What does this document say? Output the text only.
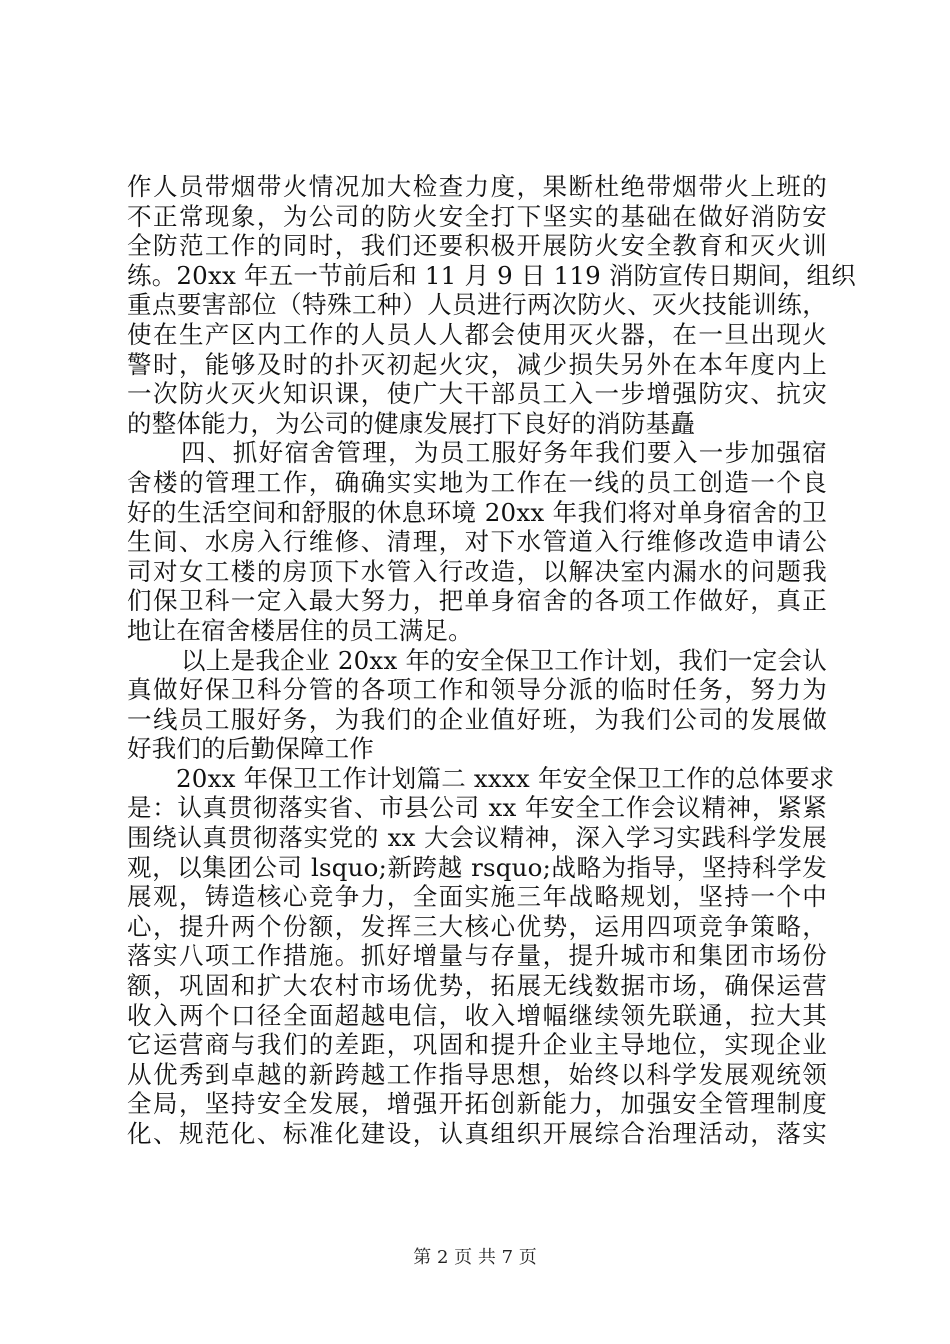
作人员带烟带火情况加大检查力度，果断杜绝带烟带火上班的
不正常现象，为公司的防火安全打下坚实的基础在做好消防安
全防范工作的同时，我们还要积极开展防火安全教育和灭火训
练。20xx 年五一节前后和 11 月 9 日 119 消防宣传日期间，组织
重点要害部位（特殊工种）人员进行两次防火、灭火技能训练，
使在生产区内工作的人员人人都会使用灭火器，在一旦出现火
警时，能够及时的扑灭初起火灾，减少损失另外在本年度内上
一次防火灭火知识课，使广大干部员工入一步增强防灾、抗灾
的整体能力，为公司的健康发展打下良好的消防基矗
四、抓好宿舍管理，为员工服好务年我们要入一步加强宿
舍楼的管理工作，确确实实地为工作在一线的员工创造一个良
好的生活空间和舒服的休息环境 20xx 年我们将对单身宿舍的卫
生间、水房入行维修、清理，对下水管道入行维修改造申请公
司对女工楼的房顶下水管入行改造，以解决室内漏水的问题我
们保卫科一定入最大努力，把单身宿舍的各项工作做好，真正
地让在宿舍楼居住的员工满足。
以上是我企业 20xx 年的安全保卫工作计划，我们一定会认
真做好保卫科分管的各项工作和领导分派的临时任务，努力为
一线员工服好务，为我们的企业值好班，为我们公司的发展做
好我们的后勤保障工作
20xx 年保卫工作计划篇二 xxxx 年安全保卫工作的总体要求
是：认真贯彻落实省、市县公司 xx 年安全工作会议精神，紧紧
围绕认真贯彻落实党的 xx 大会议精神，深入学习实践科学发展
观，以集团公司 lsquo;新跨越 rsquo;战略为指导，坚持科学发
展观，铸造核心竞争力，全面实施三年战略规划，坚持一个中
心，提升两个份额，发挥三大核心优势，运用四项竞争策略，
落实八项工作措施。抓好增量与存量，提升城市和集团市场份
额，巩固和扩大农村市场优势，拓展无线数据市场，确保运营
收入两个口径全面超越电信，收入增幅继续领先联通，拉大其
它运营商与我们的差距，巩固和提升企业主导地位，实现企业
从优秀到卓越的新跨越工作指导思想，始终以科学发展观统领
全局，坚持安全发展，增强开拓创新能力，加强安全管理制度
化、规范化、标准化建设，认真组织开展综合治理活动，落实
第 2 页 共 7 页
